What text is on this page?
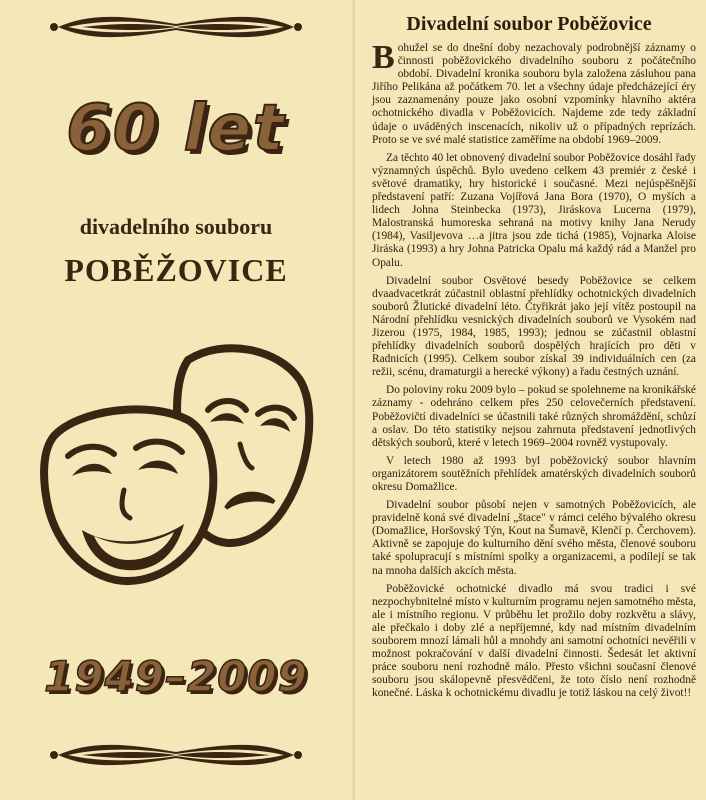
60 let
divadelního souboru
POBĚŽOVICE
1949–2009
Divadelní soubor Poběžovice

Bohužel se do dnešní doby nezachovaly podrobnější záznamy o činnosti poběžovického divadelního souboru z počátečního období. Divadelní kronika souboru byla založena zásluhou pana Jiřího Pelikána až počátkem 70. let a všechny údaje předcházející éry jsou zaznamenány pouze jako osobní vzpomínky hlavního aktéra ochotnického divadla v Poběžovicích. Najdeme zde tedy základní údaje o uváděných inscenacích, nikoliv už o případných reprízách. Proto se ve své malé statistice zaměříme na období 1969–2009.

Za těchto 40 let obnovený divadelní soubor Poběžovice dosáhl řady významných úspěchů. Bylo uvedeno celkem 43 premiér z české i světové dramatiky, hry historické i současné. Mezi nejúspěšnější představení patří: Zuzana Vojířová Jana Bora (1970), O myších a lidech Johna Steinbecka (1973), Jiráskova Lucerna (1979), Malostranská humoreska sehraná na motivy knihy Jana Nerudy (1984), Vasiljevova …a jitra jsou zde tichá (1985), Vojnarka Aloise Jiráska (1993) a hry Johna Patricka Opalu má každý rád a Manžel pro Opalu.

Divadelní soubor Osvětové besedy Poběžovice se celkem dvaadvacetkrát zúčastnil oblastní přehlídky ochotnických divadelních souborů Žlutické divadelní léto. Čtyřikrát jako její vítěz postoupil na Národní přehlídku vesnických divadelních souborů ve Vysokém nad Jizerou (1975, 1984, 1985, 1993); jednou se zúčastnil oblastní přehlídky divadelních souborů dospělých hrajících pro děti v Radnicích (1995). Celkem soubor získal 39 individuálních cen (za režii, scénu, dramaturgii a herecké výkony) a řadu čestných uznání.

Do poloviny roku 2009 bylo – pokud se spolehneme na kronikářské záznamy - odehráno celkem přes 250 celovečerních představení. Poběžovičtí divadelníci se účastnili také různých shromáždění, schůzí a oslav. Do této statistiky nejsou zahrnuta představení jednotlivých dětských souborů, které v letech 1969–2004 rovněž vystupovaly.

V letech 1980 až 1993 byl poběžovický soubor hlavním organizátorem soutěžních přehlídek amatérských divadelních souborů okresu Domažlice.

Divadelní soubor působí nejen v samotných Poběžovicích, ale pravidelně koná své divadelní „štace" v rámci celého bývalého okresu (Domažlice, Horšovský Týn, Kout na Šumavě, Klenčí p. Čerchovem). Aktivně se zapojuje do kulturního dění svého města, členové souboru také spolupracují s místními spolky a organizacemi, a podílejí se tak na mnoha dalších akcích města.

Poběžovické ochotnické divadlo má svou tradici i své nezpochybnitelné místo v kulturním programu nejen samotného města, ale i místního regionu. V průběhu let prožilo doby rozkvětu a slávy, ale přečkalo i doby zlé a nepříjemné, kdy nad místním divadelním souborem mnozí lámali hůl a mnohdy ani samotní ochotníci nevěřili v možnost pokračování v další divadelní činnosti. Šedesát let aktivní práce souboru není rozhodně málo. Přesto všichni současní členové souboru jsou skálopevně přesvědčeni, že toto číslo není rozhodně konečné. Láska k ochotnickému divadlu je totiž láskou na celý život!!
